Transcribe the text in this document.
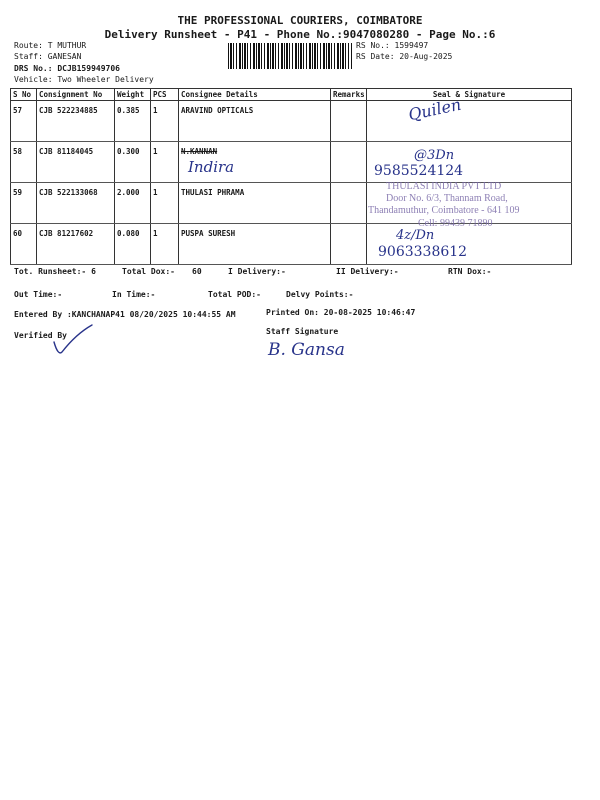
THE PROFESSIONAL COURIERS, COIMBATORE
Delivery Runsheet - P41 - Phone No.:9047080280 - Page No.:6
Route: T MUTHUR
Staff: GANESAN
DRS No.: DCJB159949706
Vehicle: Two Wheeler Delivery
RS No.: 1599497
RS Date: 20-Aug-2025
S No	Consignment No	Weight	PCS	Consignee Details	Remarks	Seal & Signature
57	CJB 522234885	0.385	1	ARAVIND OPTICALS		
58	CJB 81184045	0.300	1	N.KANNAN		
59	CJB 522133068	2.000	1	THULASI PHRAMA		
60	CJB 81217602	0.080	1	PUSPA SURESH		
Quilen
Indira
@3Dn
9585524124
THULASI INDIA PVT LTD
Door No. 6/3, Thannam Road,
Thandamuthur, Coimbatore - 641 109
Cell: 99439 71890
4z/Dn
9063338612
Tot. Runsheet:- 6	Total Dox:- 60	I Delivery:-	II Delivery:-	RTN Dox:-
Out Time:-	In Time:-	Total POD:-	Delvy Points:-
Entered By :KANCHANAP41 08/20/2025 10:44:55 AM	Printed On: 20-08-2025 10:46:47
Verified By	Staff Signature
B. Gansa
